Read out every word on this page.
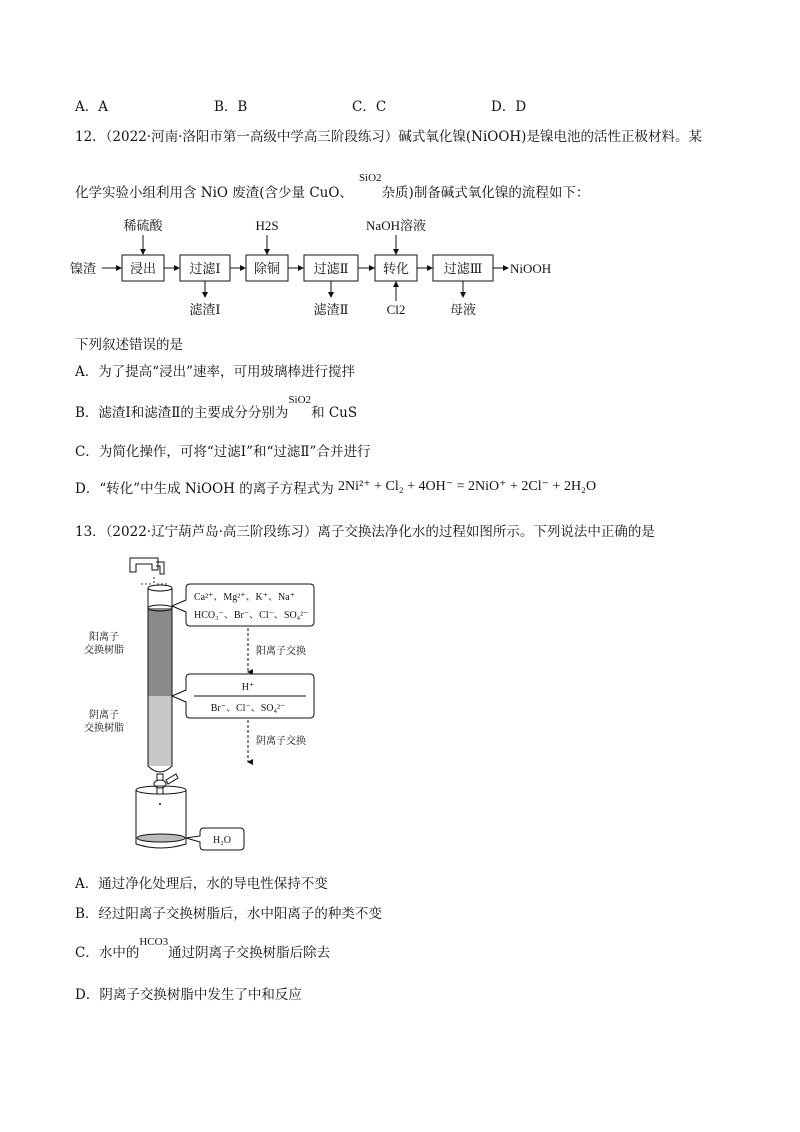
A．A	B．B	C．C	D．D
12．（2022·河南·洛阳市第一高级中学高三阶段练习）碱式氧化镍(NiOOH)是镍电池的活性正极材料。某
化学实验小组利用含 NiO 废渣(含少量 CuO、$^{SiO2}$杂质)制备碱式氧化镍的流程如下：
镍渣	浸出	过滤Ⅰ	除铜	过滤Ⅱ	转化	过滤Ⅲ NiOOH
稀硫酸	H2S	NaOH溶液
滤渣Ⅰ	滤渣Ⅱ	Cl2	母液
下列叙述错误的是
A．为了提高“浸出”速率，可用玻璃棒进行搅拌
B．滤渣Ⅰ和滤渣Ⅱ的主要成分分别为$^{SiO2}$和 CuS
C．为简化操作，可将“过滤Ⅰ”和“过滤Ⅱ”合并进行
D．“转化”中生成 NiOOH 的离子方程式为 2Ni²⁺ + Cl₂ + 4OH⁻ = 2NiO⁺ + 2Cl⁻ + 2H₂O
13．（2022·辽宁葫芦岛·高三阶段练习）离子交换法净化水的过程如图所示。下列说法中正确的是
阳离子
交换树脂
阴离子
交换树脂
Ca²⁺、Mg²⁺、K⁺、Na⁺
HCO₃⁻、Br⁻、Cl⁻、SO₄²⁻
阳离子交换
H⁺
Br⁻、Cl⁻、SO₄²⁻
阴离子交换
H₂O
A．通过净化处理后，水的导电性保持不变
B．经过阳离子交换树脂后，水中阳离子的种类不变
C．水中的$^{HCO3}$通过阴离子交换树脂后除去
D．阴离子交换树脂中发生了中和反应
